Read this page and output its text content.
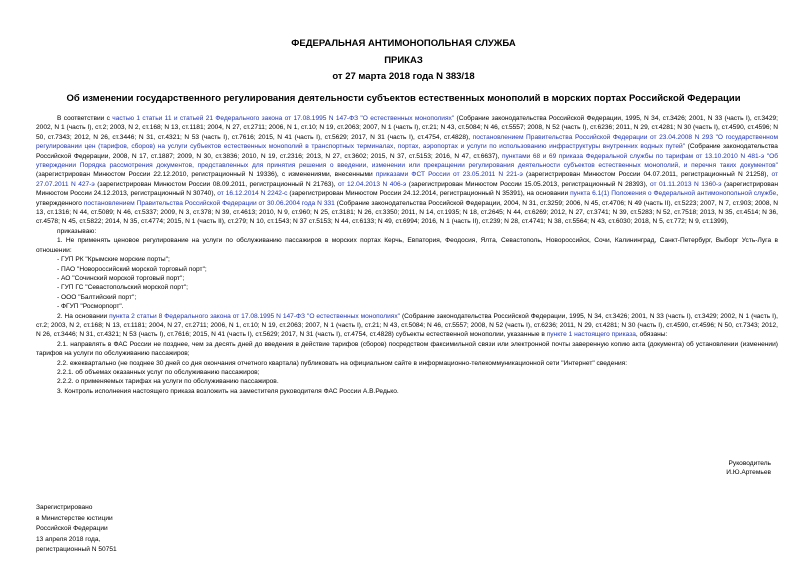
ФЕДЕРАЛЬНАЯ АНТИМОНОПОЛЬНАЯ СЛУЖБА
ПРИКАЗ
от 27 марта 2018 года N 383/18
Об изменении государственного регулирования деятельности субъектов естественных монополий в морских портах Российской Федерации

В соответствии с частью 1 статьи 11 и статьей 21 Федерального закона от 17.08.1995 N 147-ФЗ "О естественных монополиях" (Собрание законодательства Российской Федерации, 1995, N 34, ст.3426; 2001, N 33 (часть I), ст.3429; 2002, N 1 (часть I), ст.2; 2003, N 2, ст.168; N 13, ст.1181; 2004, N 27, ст.2711; 2006, N 1, ст.10; N 19, ст.2063; 2007, N 1 (часть I), ст.21; N 43, ст.5084; N 46, ст.5557; 2008, N 52 (часть I), ст.6236; 2011, N 29, ст.4281; N 30 (часть I), ст.4590, ст.4596; N 50, ст.7343; 2012, N 26, ст.3446; N 31, ст.4321; N 53 (часть I), ст.7616; 2015, N 41 (часть I), ст.5629; 2017, N 31 (часть I), ст.4754, ст.4828), постановлением Правительства Российской Федерации от 23.04.2008 N 293 "О государственном регулировании цен (тарифов, сборов) на услуги субъектов естественных монополий в транспортных терминалах, портах, аэропортах и услуги по использованию инфраструктуры внутренних водных путей" (Собрание законодательства Российской Федерации, 2008, N 17, ст.1887; 2009, N 30, ст.3836; 2010, N 19, ст.2316; 2013, N 27, ст.3602; 2015, N 37, ст.5153; 2016, N 47, ст.6637), пунктами 68 и 69 приказа Федеральной службы по тарифам от 13.10.2010 N 481-э "Об утверждении Порядка рассмотрения документов, представленных для принятия решения о введении, изменении или прекращении регулирования деятельности субъектов естественных монополий, и перечня таких документов" (зарегистрирован Минюстом России 22.12.2010, регистрационный N 19336), с изменениями, внесенными приказами ФСТ России от 23.05.2011 N 221-э (зарегистрирован Минюстом России 04.07.2011, регистрационный N 21258), от 27.07.2011 N 427-э (зарегистрирован Минюстом России 08.09.2011, регистрационный N 21763), от 12.04.2013 N 406-э (зарегистрирован Минюстом России 15.05.2013, регистрационный N 28393), от 01.11.2013 N 1360-э (зарегистрирован Минюстом России 24.12.2013, регистрационный N 30740), от 16.12.2014 N 2242-с (зарегистрирован Минюстом России 24.12.2014, регистрационный N 35391), на основании пункта 6.1(1) Положения о Федеральной антимонопольной службе, утвержденного постановлением Правительства Российской Федерации от 30.06.2004 года N 331 (Собрание законодательства Российской Федерации, 2004, N 31, ст.3259; 2006, N 45, ст.4706; N 49 (часть II), ст.5223; 2007, N 7, ст.903; 2008, N 13, ст.1316; N 44, ст.5089; N 46, ст.5337; 2009, N 3, ст.378; N 39, ст.4613; 2010, N 9, ст.960; N 25, ст.3181; N 26, ст.3350; 2011, N 14, ст.1935; N 18, ст.2645; N 44, ст.6269; 2012, N 27, ст.3741; N 39, ст.5283; N 52, ст.7518; 2013, N 35, ст.4514; N 36, ст.4578; N 45, ст.5822; 2014, N 35, ст.4774; 2015, N 1 (часть II), ст.279; N 10, ст.1543; N 37 ст.5153; N 44, ст.6133; N 49, ст.6994; 2016, N 1 (часть II), ст.239; N 28, ст.4741; N 38, ст.5564; N 43, ст.6030; 2018, N 5, ст.772; N 9, ст.1399),

приказываю:

1. Не применять ценовое регулирование на услуги по обслуживанию пассажиров в морских портах Керчь, Евпатория, Феодосия, Ялта, Севастополь, Новороссийск, Сочи, Калининград, Санкт-Петербург, Выборг Усть-Луга в отношении:

- ГУП РК "Крымские морские порты";

- ПАО "Новороссийский морской торговый порт";

- АО "Сочинский морской торговый порт";

- ГУП ГС "Севастопольский морской порт";

- ООО "Балтийский порт";

- ФГУП "Росморпорт".

2. На основании пункта 2 статьи 8 Федерального закона от 17.08.1995 N 147-ФЗ "О естественных монополиях" (Собрание законодательства Российской Федерации, 1995, N 34, ст.3426; 2001, N 33 (часть I), ст.3429; 2002, N 1 (часть I), ст.2; 2003, N 2, ст.168; N 13, ст.1181; 2004, N 27, ст.2711; 2006, N 1, ст.10; N 19, ст.2063; 2007, N 1 (часть I), ст.21; N 43, ст.5084; N 46, ст.5557; 2008, N 52 (часть I), ст.6236; 2011, N 29, ст.4281; N 30 (часть I), ст.4590, ст.4596; N 50, ст.7343; 2012, N 26, ст.3446; N 31, ст.4321; N 53 (часть I), ст.7616; 2015, N 41 (часть I), ст.5629; 2017, N 31 (часть I), ст.4754, ст.4828) субъекты естественной монополии, указанные в пункте 1 настоящего приказа, обязаны:

2.1. направлять в ФАС России не позднее, чем за десять дней до введения в действие тарифов (сборов) посредством факсимильной связи или электронной почты заверенную копию акта (документа) об установлении (изменении) тарифов на услуги по обслуживанию пассажиров;

2.2. ежеквартально (не позднее 30 дней со дня окончания отчетного квартала) публиковать на официальном сайте в информационно-телекоммуникационной сети "Интернет" сведения:

2.2.1. об объемах оказанных услуг по обслуживанию пассажиров;

2.2.2. о применяемых тарифах на услуги по обслуживанию пассажиров.

3. Контроль исполнения настоящего приказа возложить на заместителя руководителя ФАС России А.В.Редько.

Руководитель
И.Ю.Артемьев
Зарегистрировано
в Министерстве юстиции
Российской Федерации
13 апреля 2018 года,
регистрационный N 50751
